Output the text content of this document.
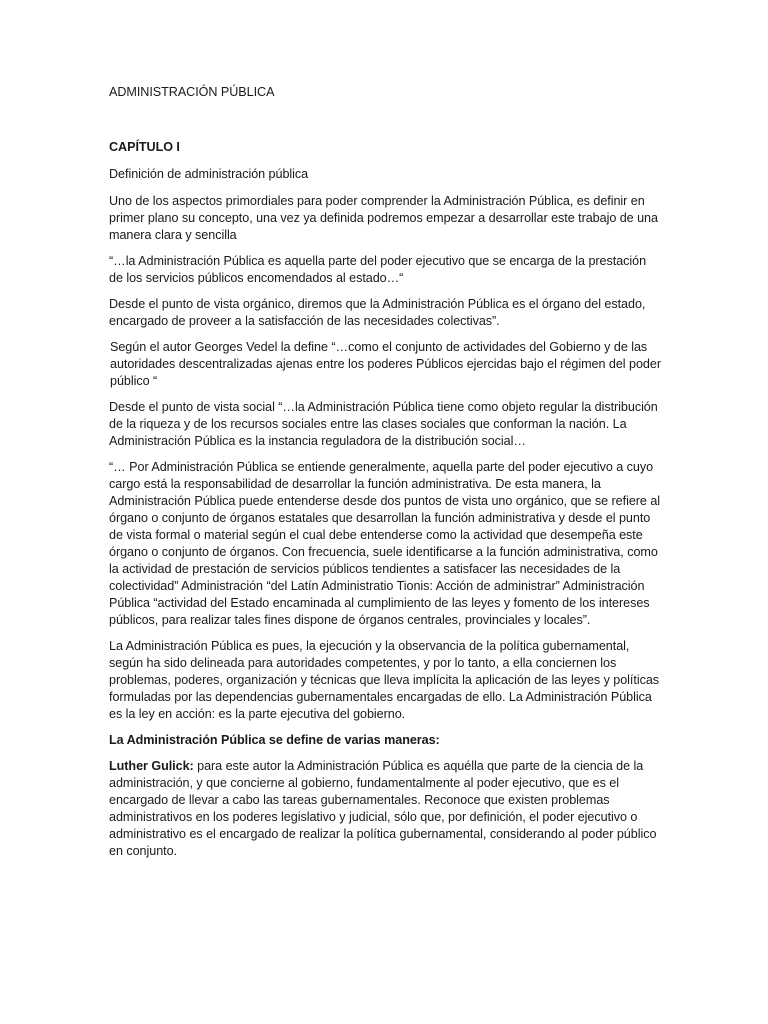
ADMINISTRACIÓN PÚBLICA
CAPÍTULO I
Definición de administración pública

Uno de los aspectos primordiales para poder comprender la Administración Pública, es definir en primer plano su concepto, una vez ya definida podremos empezar a desarrollar este trabajo de una manera clara y sencilla

“…la Administración Pública es aquella parte del poder ejecutivo que se encarga de la prestación de los servicios públicos encomendados al estado…“

Desde el punto de vista orgánico, diremos que la Administración Pública es el órgano del estado, encargado de proveer a la satisfacción de las necesidades colectivas”.

Según el autor Georges Vedel la define “…como el conjunto de actividades del Gobierno y de las autoridades descentralizadas ajenas entre los poderes Públicos ejercidas bajo el régimen del poder público “

Desde el punto de vista social “…la Administración Pública tiene como objeto regular la distribución de la riqueza y de los recursos sociales entre las clases sociales que conforman la nación. La Administración Pública es la instancia reguladora de la distribución social…

“… Por Administración Pública se entiende generalmente, aquella parte del poder ejecutivo a cuyo cargo está la responsabilidad de desarrollar la función administrativa. De esta manera, la Administración Pública puede entenderse desde dos puntos de vista uno orgánico, que se refiere al órgano o conjunto de órganos estatales que desarrollan la función administrativa y desde el punto de vista formal o material según el cual debe entenderse como la actividad que desempeña este órgano o conjunto de órganos. Con frecuencia, suele identificarse a la función administrativa, como la actividad de prestación de servicios públicos tendientes a satisfacer las necesidades de la colectividad” Administración “del Latín Administratio Tionis: Acción de administrar” Administración Pública “actividad del Estado encaminada al cumplimiento de las leyes y fomento de los intereses públicos, para realizar tales fines dispone de órganos centrales, provinciales y locales”.

La Administración Pública es pues, la ejecución y la observancia de la política gubernamental, según ha sido delineada para autoridades competentes, y por lo tanto, a ella conciernen los problemas, poderes, organización y técnicas que lleva implícita la aplicación de las leyes y políticas formuladas por las dependencias gubernamentales encargadas de ello. La Administración Pública es la ley en acción: es la parte ejecutiva del gobierno.

La Administración Pública se define de varias maneras:

Luther Gulick: para este autor la Administración Pública es aquélla que parte de la ciencia de la administración, y que concierne al gobierno, fundamentalmente al poder ejecutivo, que es el encargado de llevar a cabo las tareas gubernamentales. Reconoce que existen problemas administrativos en los poderes legislativo y judicial, sólo que, por definición, el poder ejecutivo o administrativo es el encargado de realizar la política gubernamental, considerando al poder público en conjunto.
